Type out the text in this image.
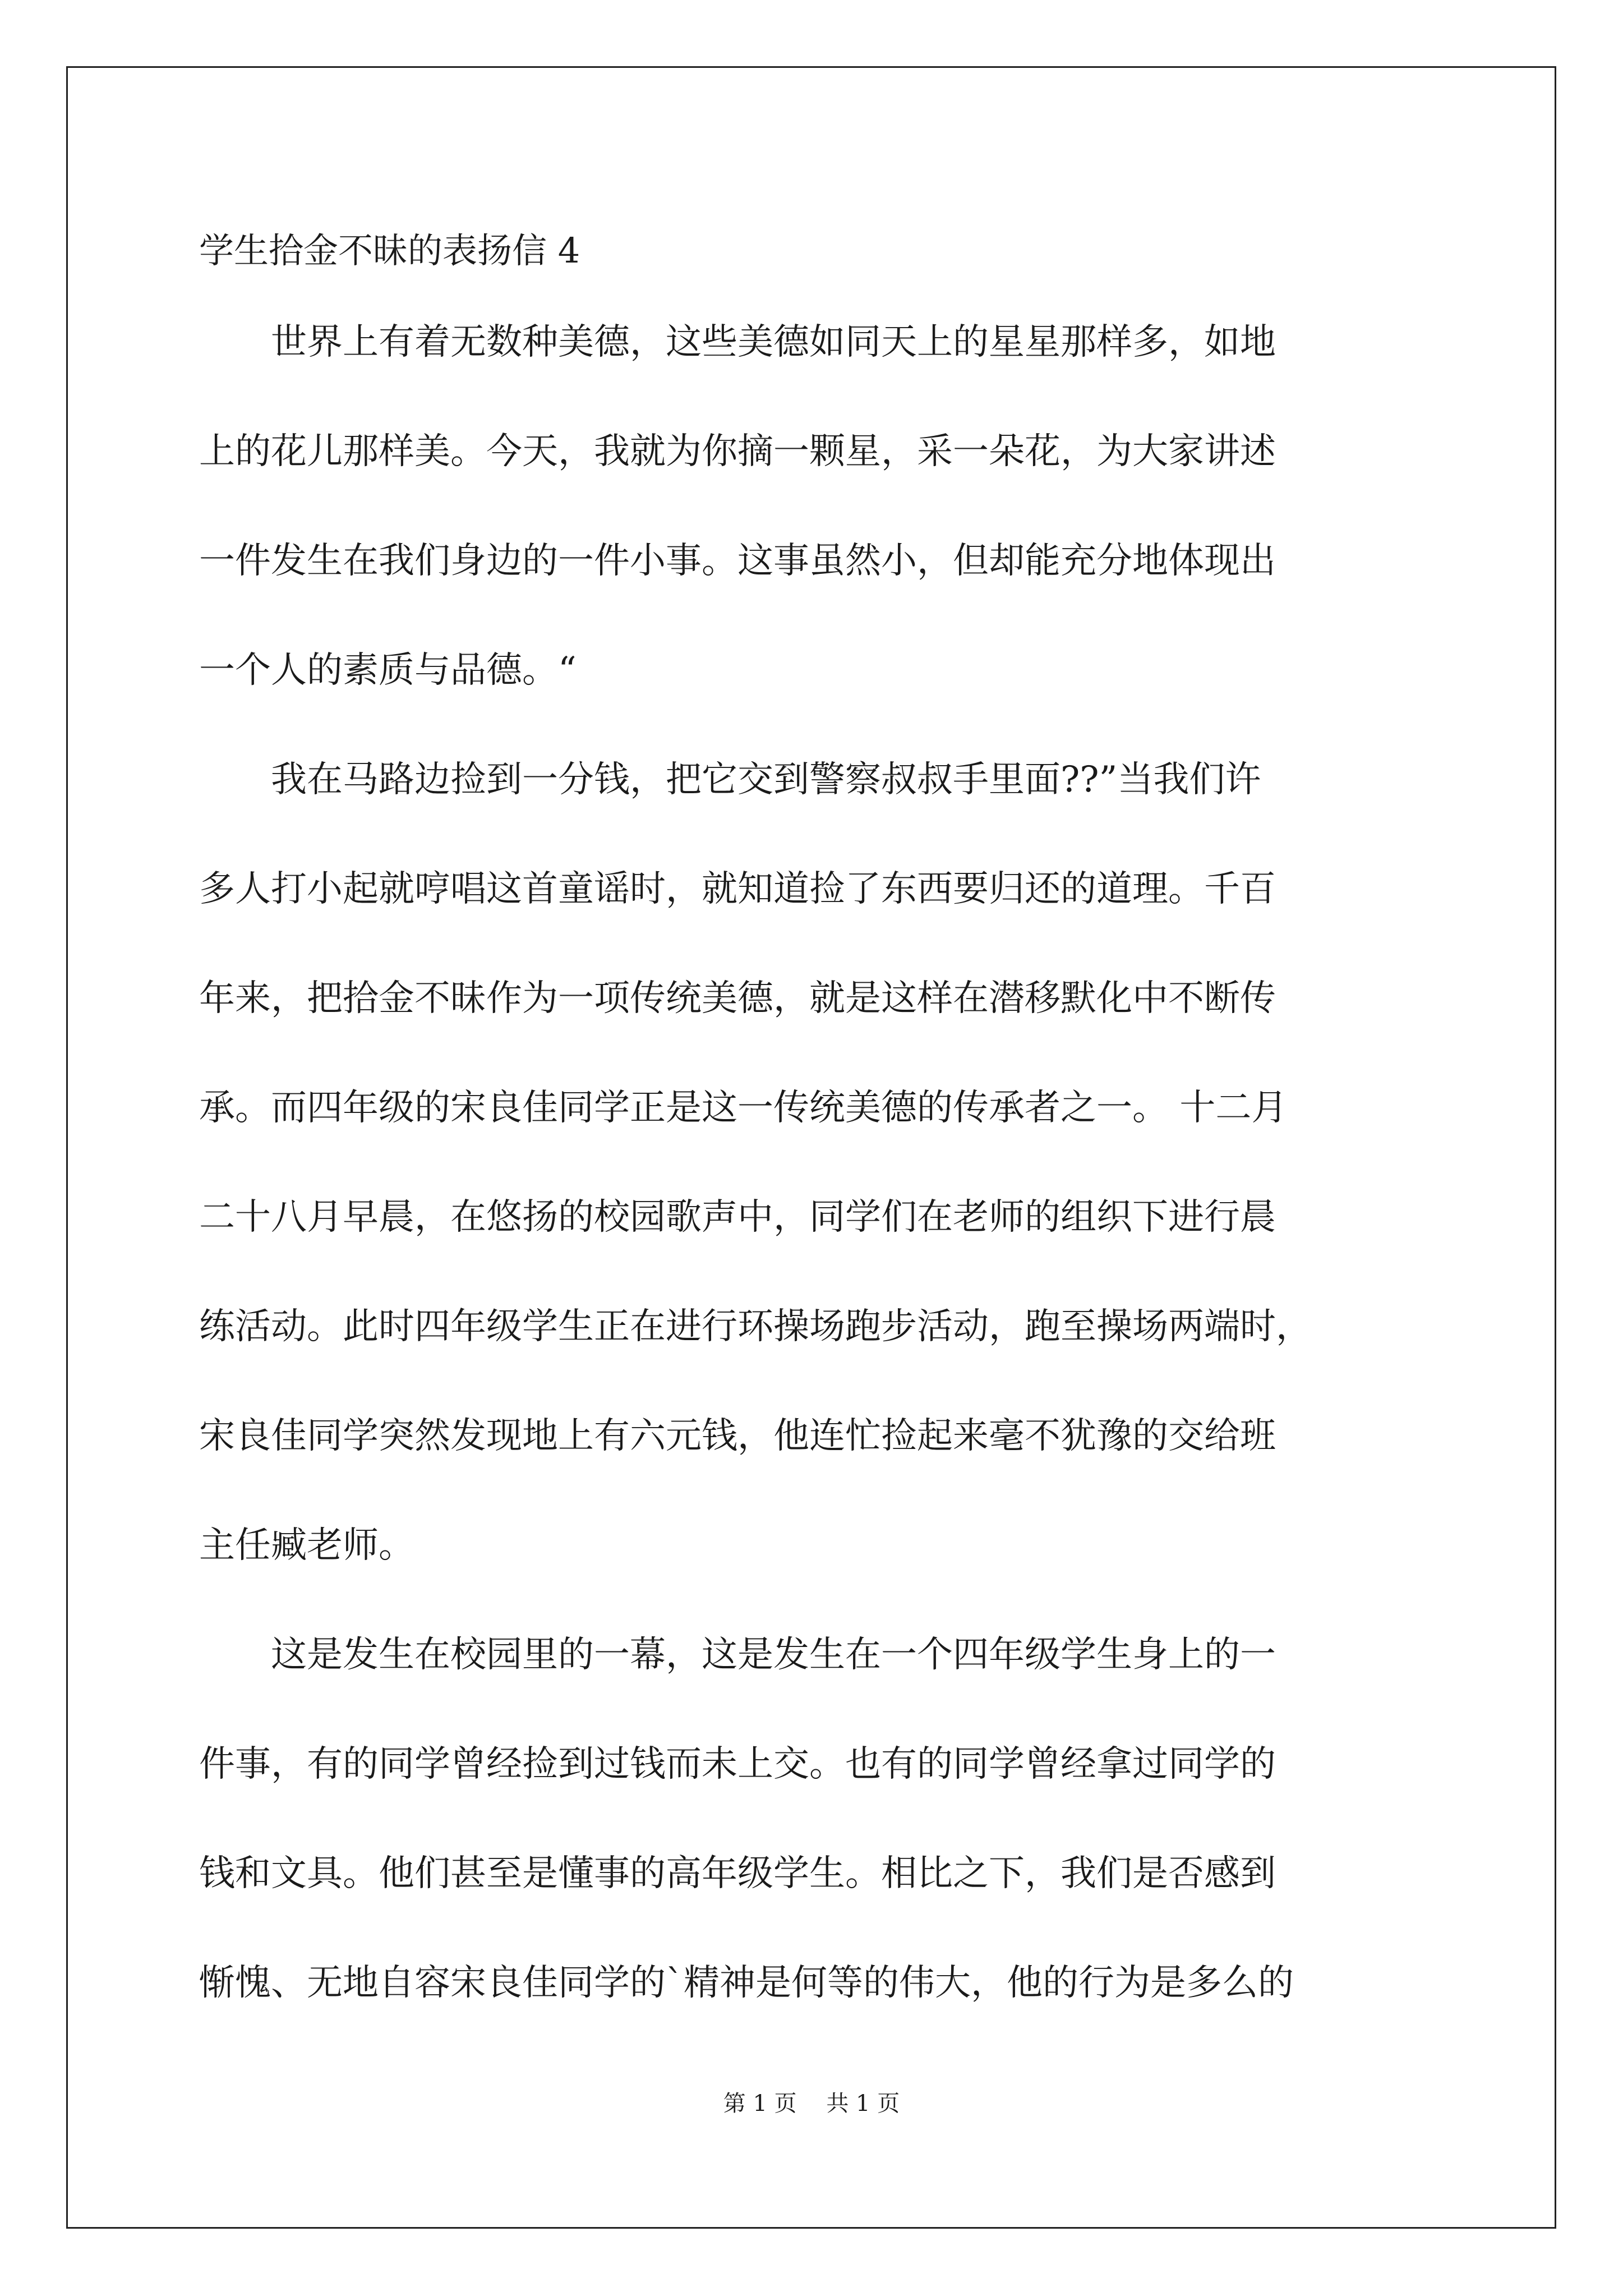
学生拾金不昧的表扬信 4

　　世界上有着无数种美德，这些美德如同天上的星星那样多，如地

上的花儿那样美。今天，我就为你摘一颗星，采一朵花，为大家讲述

一件发生在我们身边的一件小事。这事虽然小，但却能充分地体现出

一个人的素质与品德。“

　　我在马路边捡到一分钱，把它交到警察叔叔手里面??”当我们许

多人打小起就哼唱这首童谣时，就知道捡了东西要归还的道理。千百

年来，把拾金不昧作为一项传统美德，就是这样在潜移默化中不断传

承。而四年级的宋良佳同学正是这一传统美德的传承者之一。 十二月

二十八月早晨，在悠扬的校园歌声中，同学们在老师的组织下进行晨

练活动。此时四年级学生正在进行环操场跑步活动，跑至操场两端时，

宋良佳同学突然发现地上有六元钱，他连忙捡起来毫不犹豫的交给班

主任臧老师。

　　这是发生在校园里的一幕，这是发生在一个四年级学生身上的一

件事，有的同学曾经捡到过钱而未上交。也有的同学曾经拿过同学的

钱和文具。他们甚至是懂事的高年级学生。相比之下，我们是否感到

惭愧、无地自容宋良佳同学的`精神是何等的伟大，他的行为是多么的

第 1 页　 共 1 页
